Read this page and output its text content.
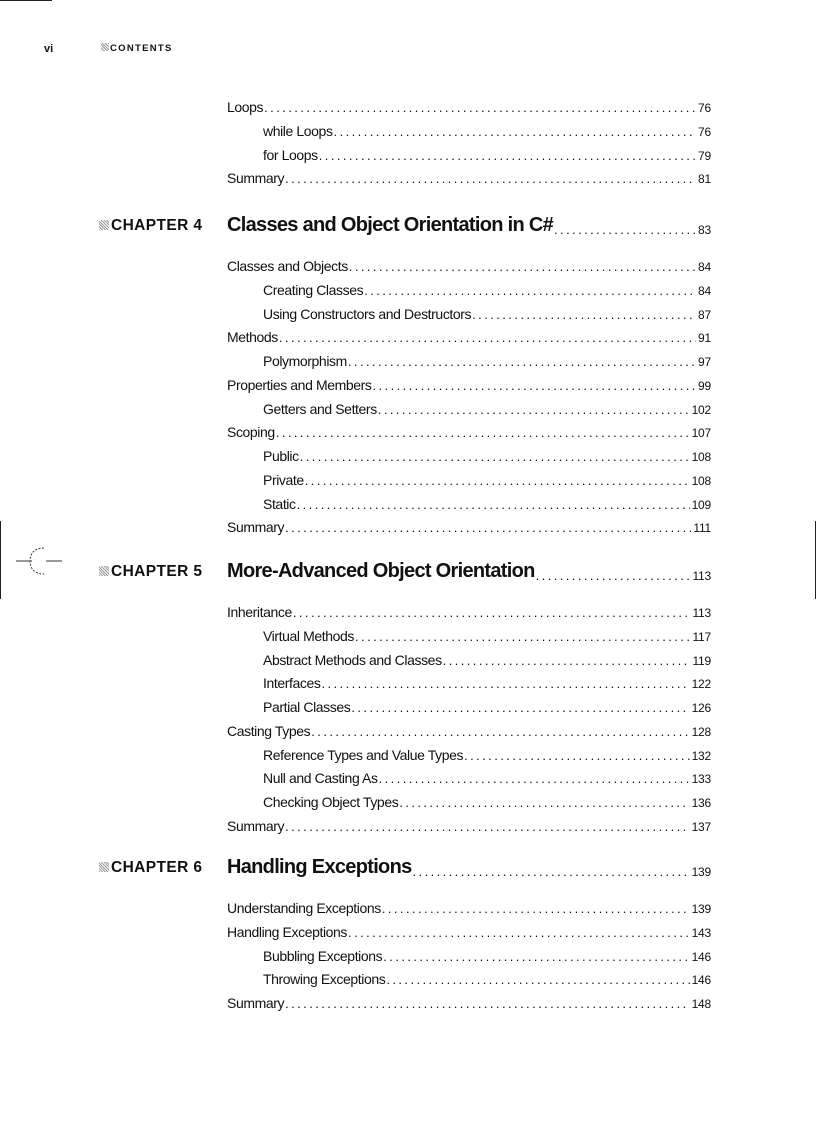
vi	CONTENTS
Loops . . .	76
while Loops . . .	76
for Loops . . .	79
Summary . . .	81
CHAPTER 4 Classes and Object Orientation in C# . . .	83
Classes and Objects . . .	84
Creating Classes . . .	84
Using Constructors and Destructors . . .	87
Methods . . .	91
Polymorphism . . .	97
Properties and Members . . .	99
Getters and Setters . . .	102
Scoping . . .	107
Public . . .	108
Private . . .	108
Static . . .	109
Summary . . .	111
CHAPTER 5 More-Advanced Object Orientation . . .	113
Inheritance . . .	113
Virtual Methods . . .	117
Abstract Methods and Classes . . .	119
Interfaces . . .	122
Partial Classes . . .	126
Casting Types . . .	128
Reference Types and Value Types . . .	132
Null and Casting As . . .	133
Checking Object Types . . .	136
Summary . . .	137
CHAPTER 6 Handling Exceptions . . .	139
Understanding Exceptions . . .	139
Handling Exceptions . . .	143
Bubbling Exceptions . . .	146
Throwing Exceptions . . .	146
Summary . . .	148
